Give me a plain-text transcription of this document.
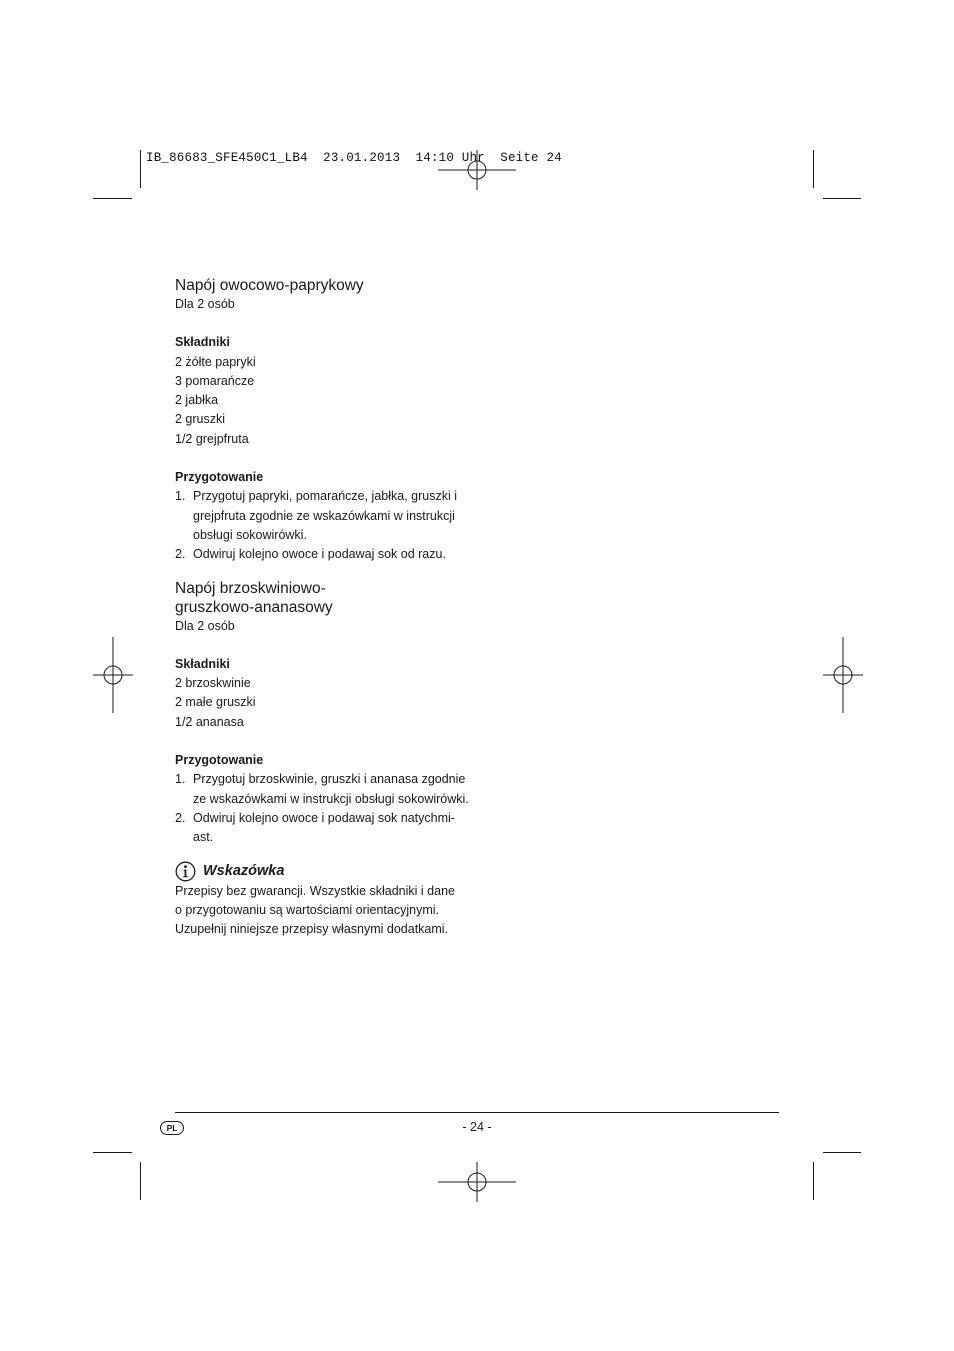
IB_86683_SFE450C1_LB4  23.01.2013  14:10 Uhr  Seite 24
Napój owocowo-paprykowy

Dla 2 osób

Składniki

2 żółte papryki

3 pomarańcze

2 jabłka

2 gruszki

1/2 grejpfruta

Przygotowanie

1. Przygotuj papryki, pomarańcze, jabłka, gruszki i
grejpfruta zgodnie ze wskazówkami w instrukcji
obsługi sokowirówki.
2. Odwiruj kolejno owoce i podawaj sok od razu.
Napój brzoskwiniowo-
gruszkowo-ananasowy

Dla 2 osób

Składniki

2 brzoskwinie

2 małe gruszki

1/2 ananasa

Przygotowanie

1. Przygotuj brzoskwinie, gruszki i ananasa zgodnie
ze wskazówkami w instrukcji obsługi sokowirówki.
2. Odwiruj kolejno owoce i podawaj sok natychmi-
ast.
Wskazówka
Przepisy bez gwarancji. Wszystkie składniki i dane
o przygotowaniu są wartościami orientacyjnymi.
Uzupełnij niniejsze przepisy własnymi dodatkami.
PL	- 24 -
